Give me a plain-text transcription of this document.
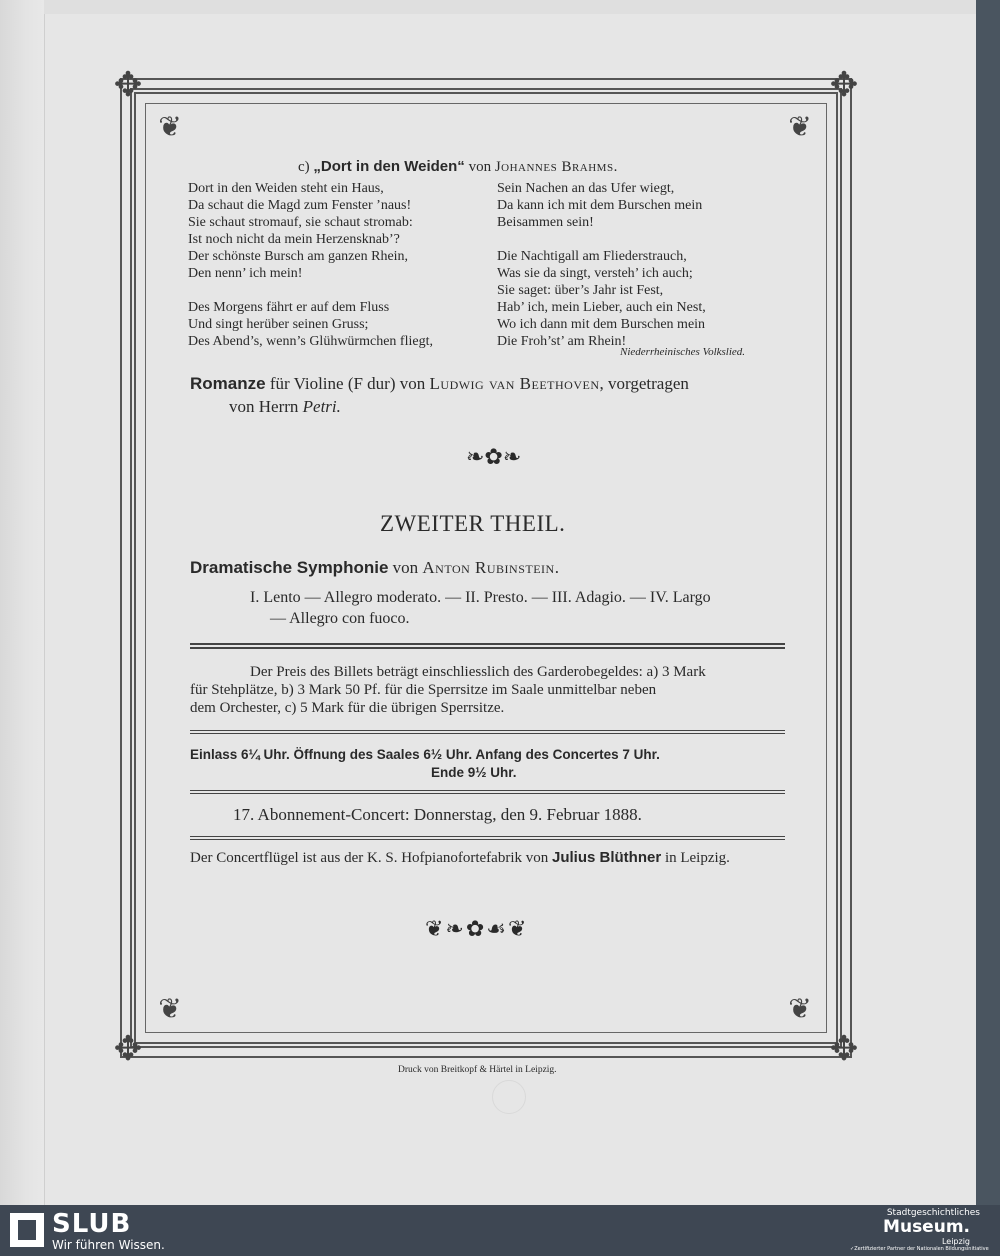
✥	✥
✥	✥
❦	❦
❦	❦
c) „Dort in den Weiden“ von Johannes Brahms.
Dort in den Weiden steht ein Haus,
Da schaut die Magd zum Fenster ’naus!
Sie schaut stromauf, sie schaut stromab:
Ist noch nicht da mein Herzensknab’?
Der schönste Bursch am ganzen Rhein,
Den nenn’ ich mein!
Des Morgens fährt er auf dem Fluss
Und singt herüber seinen Gruss;
Des Abend’s, wenn’s Glühwürmchen fliegt,
Sein Nachen an das Ufer wiegt,
Da kann ich mit dem Burschen mein
Beisammen sein!
Die Nachtigall am Fliederstrauch,
Was sie da singt, versteh’ ich auch;
Sie saget: über’s Jahr ist Fest,
Hab’ ich, mein Lieber, auch ein Nest,
Wo ich dann mit dem Burschen mein
Die Froh’st’ am Rhein!
Niederrheinisches Volkslied.
Romanze für Violine (F dur) von Ludwig van Beethoven, vorgetragen
von Herrn Petri.
❧✿❧
ZWEITER THEIL.
Dramatische Symphonie von Anton Rubinstein.
I. Lento — Allegro moderato. — II. Presto. — III. Adagio. — IV. Largo
— Allegro con fuoco.
Der Preis des Billets beträgt einschliesslich des Garderobegeldes: a) 3 Mark
für Stehplätze, b) 3 Mark 50 Pf. für die Sperrsitze im Saale unmittelbar neben
dem Orchester, c) 5 Mark für die übrigen Sperrsitze.
Einlass 6¼ Uhr. Öffnung des Saales 6½ Uhr. Anfang des Concertes 7 Uhr.
Ende 9½ Uhr.
17. Abonnement-Concert: Donnerstag, den 9. Februar 1888.
Der Concertflügel ist aus der K. S. Hofpianofortefabrik von Julius Blüthner in Leipzig.
❦❧✿☙❦
Druck von Breitkopf & Härtel in Leipzig.
SLUB
Wir führen Wissen.
Stadtgeschichtliches
Museum.
Leipzig
✓Zertifizierter Partner der Nationalen Bildungsinitiative
